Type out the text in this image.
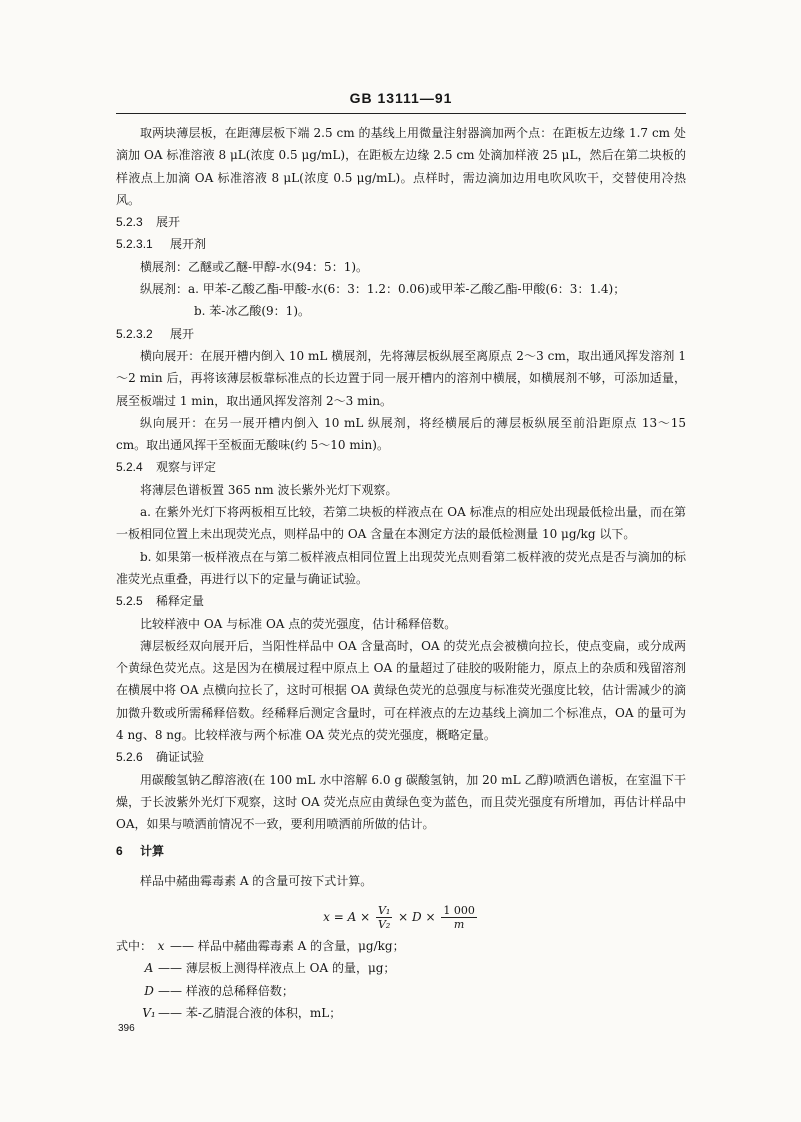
GB 13111—91

取两块薄层板，在距薄层板下端 2.5 cm 的基线上用微量注射器滴加两个点：在距板左边缘 1.7 cm 处滴加 OA 标准溶液 8 μL(浓度 0.5 μg/mL)，在距板左边缘 2.5 cm 处滴加样液 25 μL，然后在第二块板的样液点上加滴 OA 标准溶液 8 μL(浓度 0.5 μg/mL)。点样时，需边滴加边用电吹风吹干，交替使用冷热风。

5.2.3 展开

5.2.3.1 展开剂

横展剂：乙醚或乙醚-甲醇-水(94：5：1)。

纵展剂：a. 甲苯-乙酸乙酯-甲酸-水(6：3：1.2：0.06)或甲苯-乙酸乙酯-甲酸(6：3：1.4)；

b. 苯-冰乙酸(9：1)。

5.2.3.2 展开

横向展开：在展开槽内倒入 10 mL 横展剂，先将薄层板纵展至离原点 2～3 cm，取出通风挥发溶剂 1～2 min 后，再将该薄层板靠标准点的长边置于同一展开槽内的溶剂中横展，如横展剂不够，可添加适量，展至板端过 1 min，取出通风挥发溶剂 2～3 min。

纵向展开：在另一展开槽内倒入 10 mL 纵展剂，将经横展后的薄层板纵展至前沿距原点 13～15 cm。取出通风挥干至板面无酸味(约 5～10 min)。

5.2.4 观察与评定

将薄层色谱板置 365 nm 波长紫外光灯下观察。

a. 在紫外光灯下将两板相互比较，若第二块板的样液点在 OA 标准点的相应处出现最低检出量，而在第一板相同位置上未出现荧光点，则样品中的 OA 含量在本测定方法的最低检测量 10 μg/kg 以下。

b. 如果第一板样液点在与第二板样液点相同位置上出现荧光点则看第二板样液的荧光点是否与滴加的标准荧光点重叠，再进行以下的定量与确证试验。

5.2.5 稀释定量

比较样液中 OA 与标准 OA 点的荧光强度，估计稀释倍数。

薄层板经双向展开后，当阳性样品中 OA 含量高时，OA 的荧光点会被横向拉长，使点变扁，或分成两个黄绿色荧光点。这是因为在横展过程中原点上 OA 的量超过了硅胶的吸附能力，原点上的杂质和残留溶剂在横展中将 OA 点横向拉长了，这时可根据 OA 黄绿色荧光的总强度与标准荧光强度比较，估计需减少的滴加微升数或所需稀释倍数。经稀释后测定含量时，可在样液点的左边基线上滴加二个标准点，OA 的量可为 4 ng、8 ng。比较样液与两个标准 OA 荧光点的荧光强度，概略定量。

5.2.6 确证试验

用碳酸氢钠乙醇溶液(在 100 mL 水中溶解 6.0 g 碳酸氢钠，加 20 mL 乙醇)喷洒色谱板，在室温下干燥，于长波紫外光灯下观察，这时 OA 荧光点应由黄绿色变为蓝色，而且荧光强度有所增加，再估计样品中 OA，如果与喷洒前情况不一致，要利用喷洒前所做的估计。

6 计算

样品中赭曲霉毒素 A 的含量可按下式计算。

$x = A \times \frac{\text{V₁}}{\text{V₂}} \times D \times \frac{1 000}{m}$

式中： x —— 样品中赭曲霉毒素 A 的含量，μg/kg；

A —— 薄层板上测得样液点上 OA 的量，μg；

D —— 样液的总稀释倍数；

V₁ —— 苯-乙腈混合液的体积，mL；

396
